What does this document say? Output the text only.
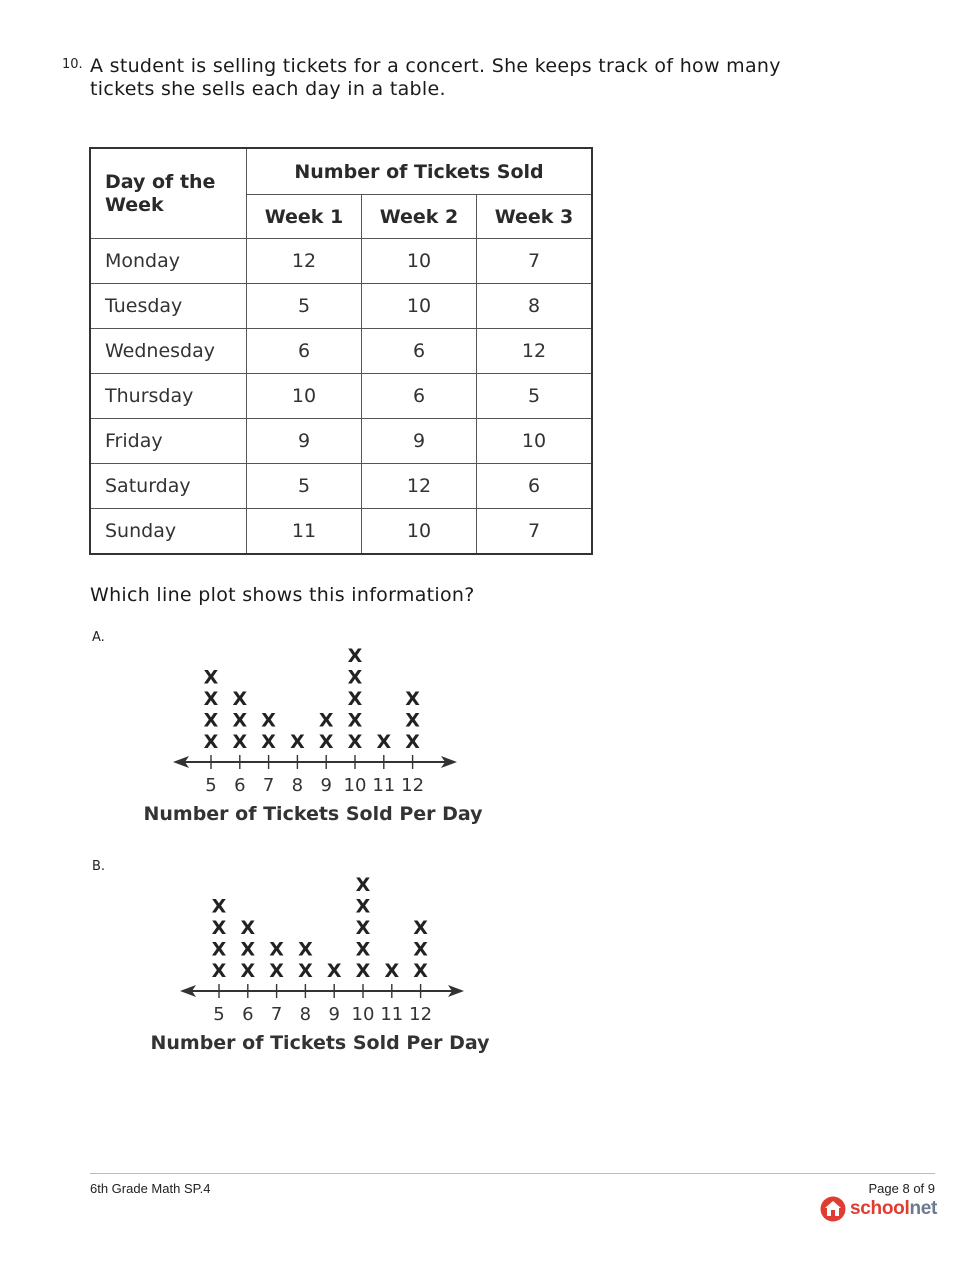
10. A student is selling tickets for a concert. She keeps track of how many tickets she sells each day in a table.
Day of the Week	Number of Tickets Sold		
	Week 1	Week 2	Week 3
Monday	12	10	7
Tuesday	5	10	8
Wednesday	6	6	12
Thursday	10	6	5
Friday	9	9	10
Saturday	5	12	6
Sunday	11	10	7
Which line plot shows this information?
A.
5
X
X
X
X
6
X
X
X
7
X
X
8
X
9
X
X
10
X
X
X
X
X
11
X
12
X
X
X
Number of Tickets Sold Per Day
B.
5
X
X
X
X
6
X
X
X
7
X
X
8
X
X
9
X
10
X
X
X
X
X
11
X
12
X
X
X
Number of Tickets Sold Per Day
6th Grade Math SP.4	Page 8 of 9
schoolnet
